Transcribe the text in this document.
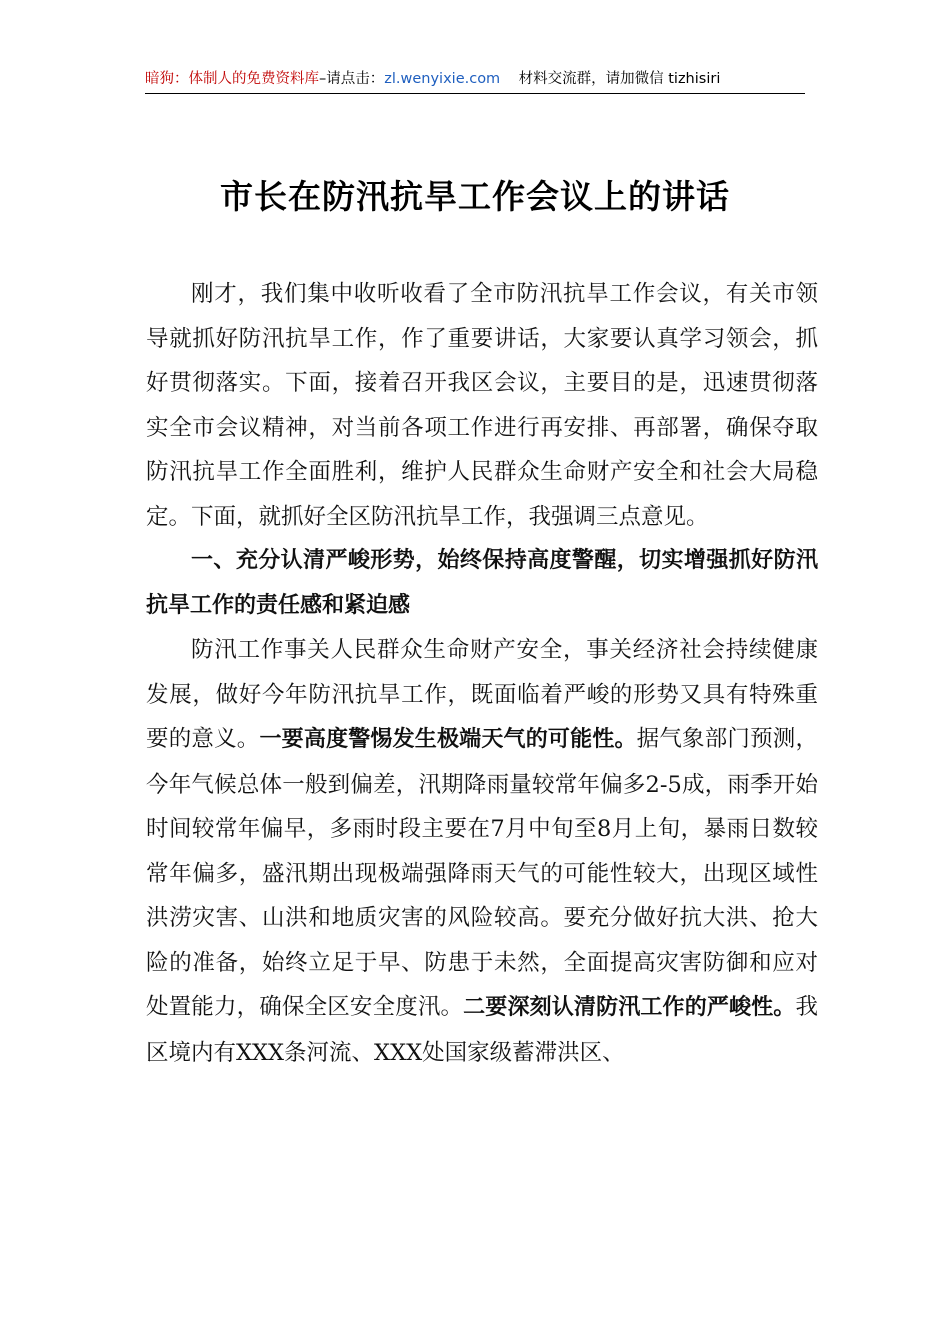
暗狗：体制人的免费资料库–请点击：zl.wenyixie.com 材料交流群，请加微信 tizhisiri
市长在防汛抗旱工作会议上的讲话

刚才，我们集中收听收看了全市防汛抗旱工作会议，有关市领导就抓好防汛抗旱工作，作了重要讲话，大家要认真学习领会，抓好贯彻落实。下面，接着召开我区会议，主要目的是，迅速贯彻落实全市会议精神，对当前各项工作进行再安排、再部署，确保夺取防汛抗旱工作全面胜利，维护人民群众生命财产安全和社会大局稳定。下面，就抓好全区防汛抗旱工作，我强调三点意见。

一、充分认清严峻形势，始终保持高度警醒，切实增强抓好防汛抗旱工作的责任感和紧迫感

防汛工作事关人民群众生命财产安全，事关经济社会持续健康发展，做好今年防汛抗旱工作，既面临着严峻的形势又具有特殊重要的意义。一要高度警惕发生极端天气的可能性。据气象部门预测，今年气候总体一般到偏差，汛期降雨量较常年偏多2-5成，雨季开始时间较常年偏早，多雨时段主要在7月中旬至8月上旬，暴雨日数较常年偏多，盛汛期出现极端强降雨天气的可能性较大，出现区域性洪涝灾害、山洪和地质灾害的风险较高。要充分做好抗大洪、抢大险的准备，始终立足于早、防患于未然，全面提高灾害防御和应对处置能力，确保全区安全度汛。二要深刻认清防汛工作的严峻性。我区境内有XXX条河流、XXX处国家级蓄滞洪区、
